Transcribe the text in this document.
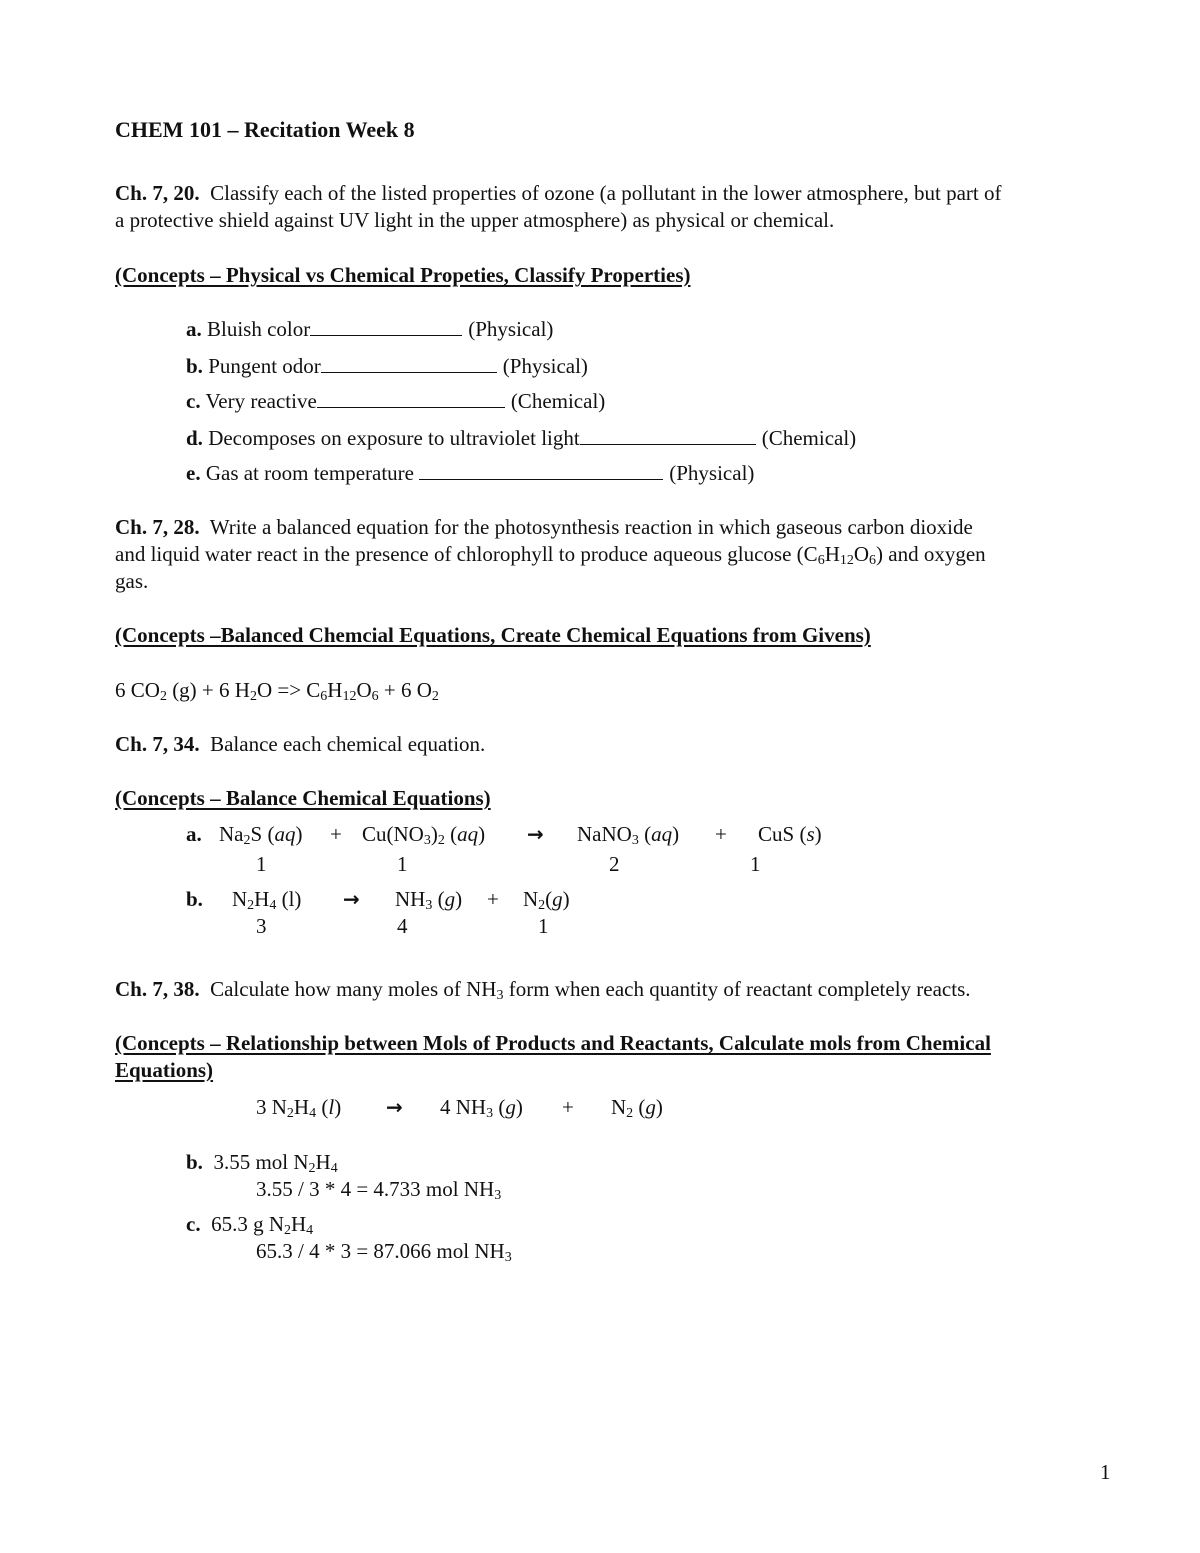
CHEM 101 – Recitation Week 8
Ch. 7, 20. Classify each of the listed properties of ozone (a pollutant in the lower atmosphere, but part of
a protective shield against UV light in the upper atmosphere) as physical or chemical.
(Concepts – Physical vs Chemical Propeties, Classify Properties)
a. Bluish color	(Physical)
b. Pungent odor	(Physical)
c. Very reactive	(Chemical)
d. Decomposes on exposure to ultraviolet light	(Chemical)
e. Gas at room temperature	(Physical)
Ch. 7, 28. Write a balanced equation for the photosynthesis reaction in which gaseous carbon dioxide
and liquid water react in the presence of chlorophyll to produce aqueous glucose $(C_6H_{12}O_6)$ and oxygen
gas.
(Concepts –Balanced Chemcial Equations, Create Chemical Equations from Givens)
6 $CO_2$ (g) + 6 $H_2O => C_6H_{12}O_6 + 6$ $O_2$
Ch. 7, 34. Balance each chemical equation.
(Concepts – Balance Chemical Equations)
a. $Na_2S$ $(aq) + Cu(NO_3)_2$ (aq) → NaNO$_3$ (aq) + CuS (s)
1	1	2	1
b. $N_2H_4$ $(l) \to NH_3$ $(g) + N_2(g)$
3	4	1
Ch. 7, 38. Calculate how many moles of $NH_3$ form when each quantity of reactant completely reacts.
(Concepts – Relationship between Mols of Products and Reactants, Calculate mols from Chemical
Equations)
3 $N_2H_4$ (l) → 4 $NH_3$ $(g) + N_2$ (g)
b. 3.55 mol $N_2H_4$
3.55 / 3 * 4 = 4.733 mol $NH_3$
c. 65.3 g $N_2H_4$
65.3 / 4 * 3 = 87.066 mol $NH_3$
1
